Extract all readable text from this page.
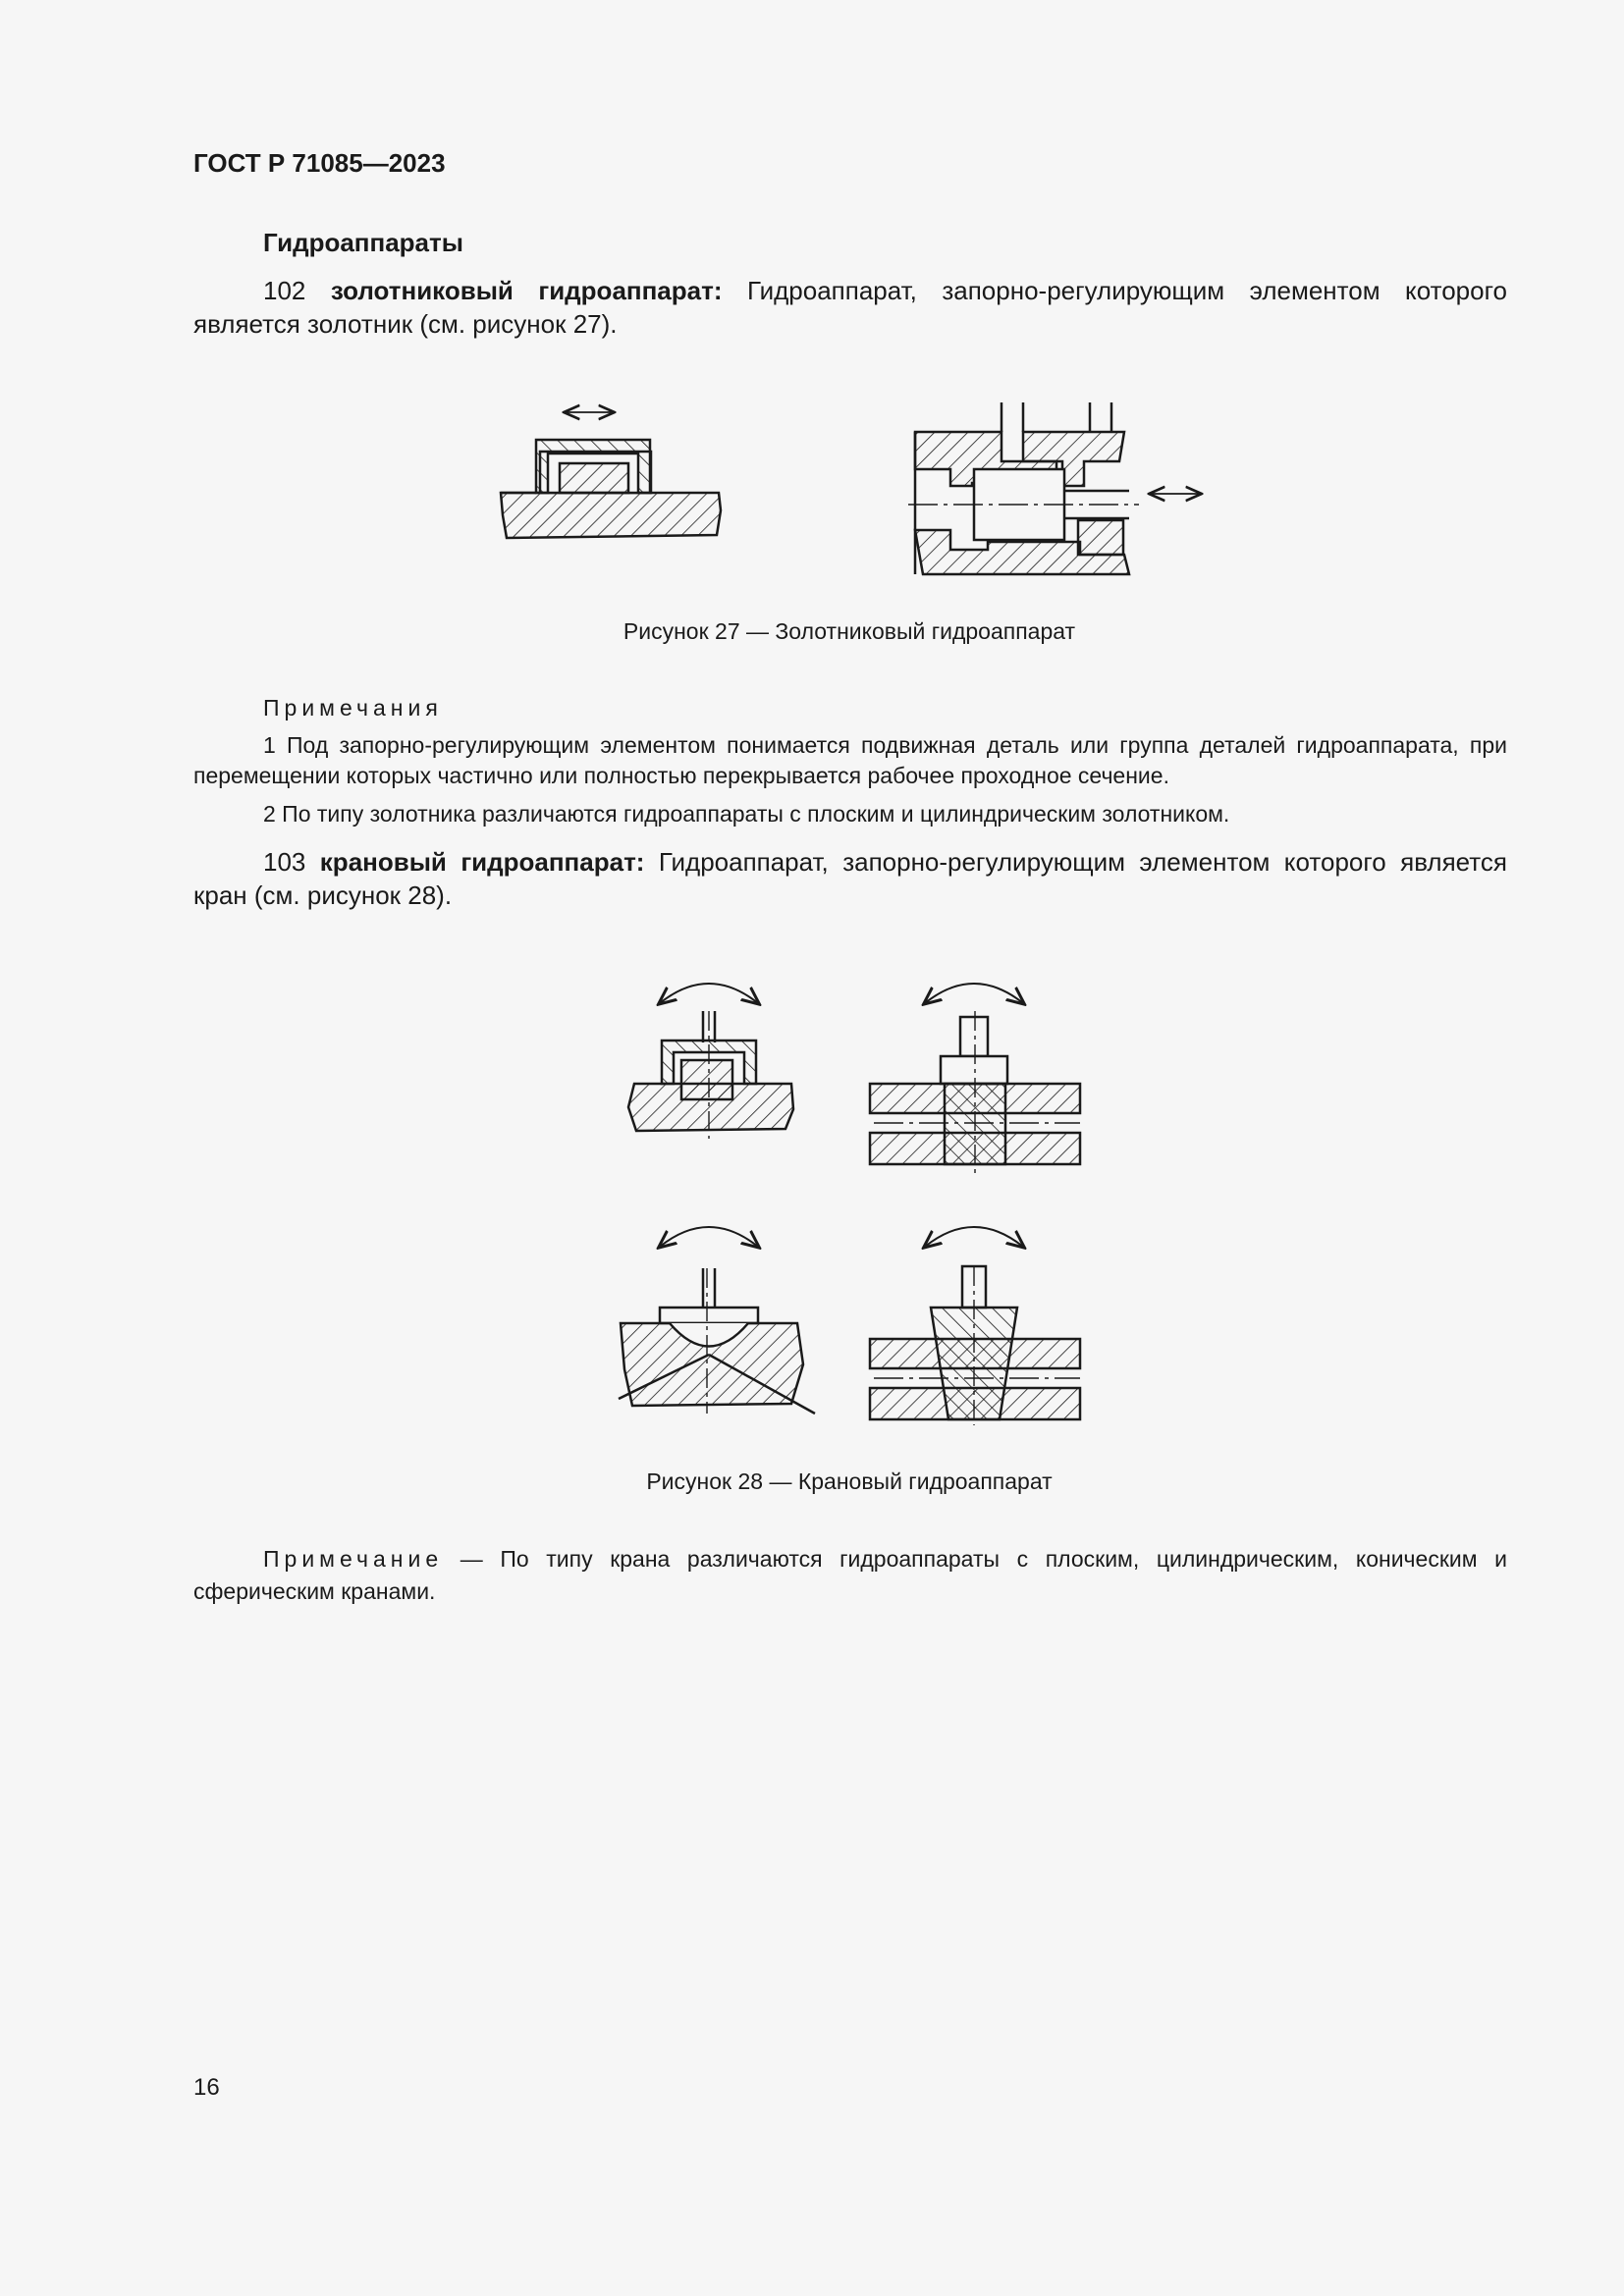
ГОСТ Р 71085—2023
Гидроаппараты

102 золотниковый гидроаппарат: Гидроаппарат, запорно-регулирующим элементом которого является золотник (см. рисунок 27).

Рисунок 27 — Золотниковый гидроаппарат
Примечания

1 Под запорно-регулирующим элементом понимается подвижная деталь или группа деталей гидроаппарата, при перемещении которых частично или полностью перекрывается рабочее проходное сечение.

2 По типу золотника различаются гидроаппараты с плоским и цилиндрическим золотником.

103 крановый гидроаппарат: Гидроаппарат, запорно-регулирующим элементом которого является кран (см. рисунок 28).

Рисунок 28 — Крановый гидроаппарат

Примечание — По типу крана различаются гидроаппараты с плоским, цилиндрическим, коническим и сферическим кранами.

16
